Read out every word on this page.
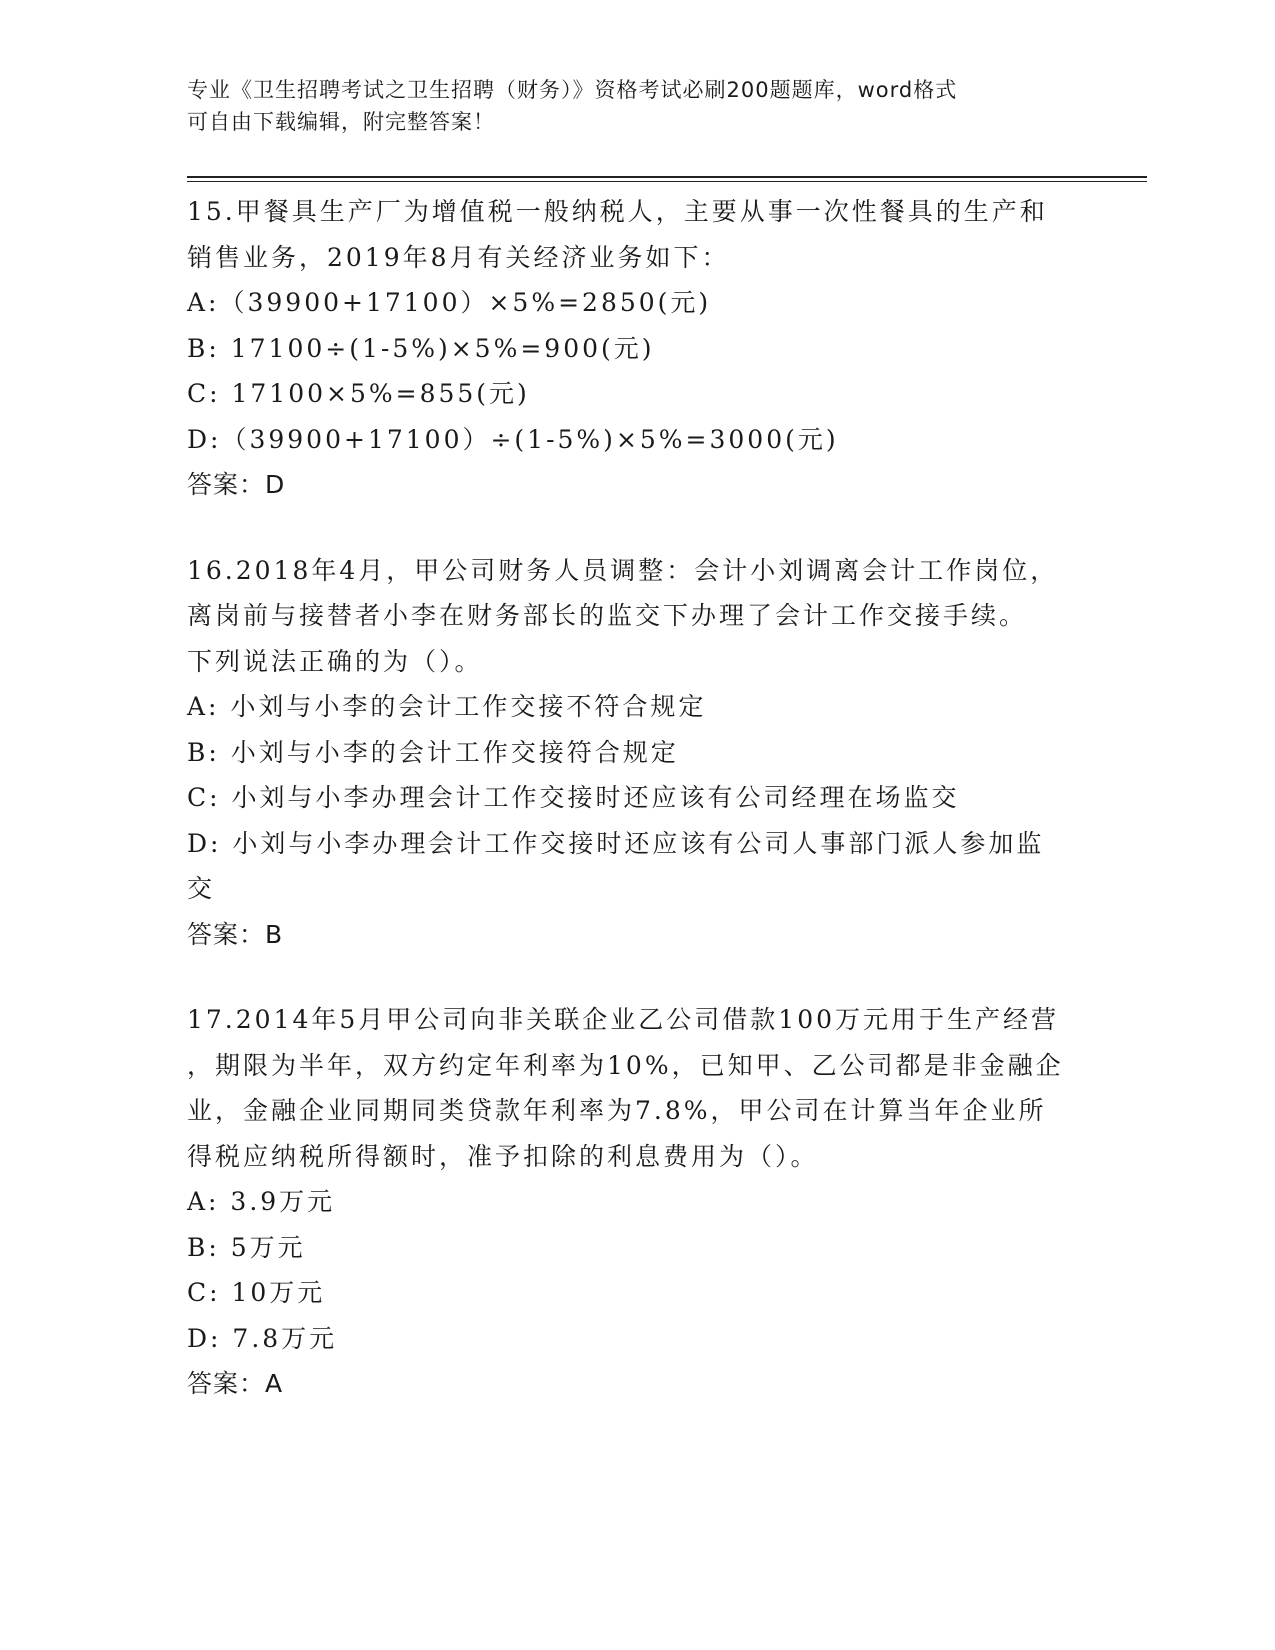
专业《卫生招聘考试之卫生招聘（财务）》资格考试必刷200题题库，word格式
可自由下载编辑，附完整答案！
15.甲餐具生产厂为增值税一般纳税人，主要从事一次性餐具的生产和
销售业务，2019年8月有关经济业务如下：
A:（39900+17100）×5%=2850(元)
B: 17100÷(1-5%)×5%=900(元)
C: 17100×5%=855(元)
D:（39900+17100）÷(1-5%)×5%=3000(元)
答案：D
16.2018年4月，甲公司财务人员调整：会计小刘调离会计工作岗位，
离岗前与接替者小李在财务部长的监交下办理了会计工作交接手续。
下列说法正确的为（）。
A: 小刘与小李的会计工作交接不符合规定
B: 小刘与小李的会计工作交接符合规定
C: 小刘与小李办理会计工作交接时还应该有公司经理在场监交
D: 小刘与小李办理会计工作交接时还应该有公司人事部门派人参加监
交
答案：B
17.2014年5月甲公司向非关联企业乙公司借款100万元用于生产经营
，期限为半年，双方约定年利率为10%，已知甲、乙公司都是非金融企
业，金融企业同期同类贷款年利率为7.8%，甲公司在计算当年企业所
得税应纳税所得额时，准予扣除的利息费用为（）。
A: 3.9万元
B: 5万元
C: 10万元
D: 7.8万元
答案：A
